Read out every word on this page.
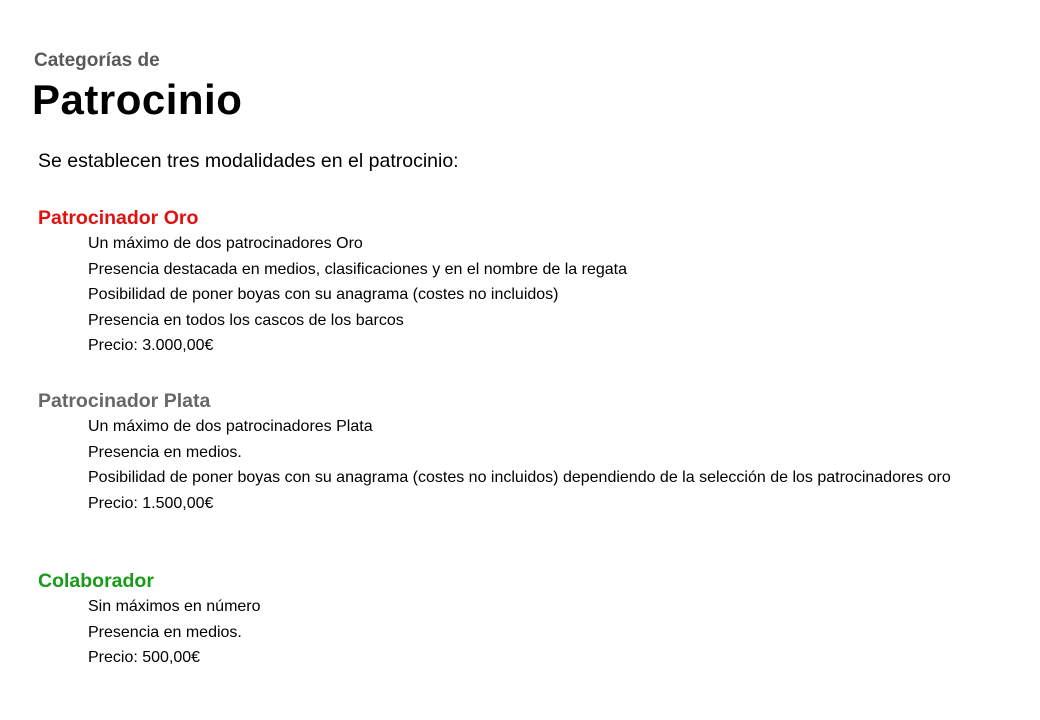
Categorías de
Patrocinio
Se establecen tres modalidades en el patrocinio:
Patrocinador Oro
Un máximo de dos patrocinadores Oro
Presencia destacada en medios, clasificaciones y en el nombre de la regata
Posibilidad de poner boyas con su anagrama (costes no incluidos)
Presencia en todos los cascos de los barcos
Precio: 3.000,00€
Patrocinador Plata
Un máximo de dos patrocinadores Plata
Presencia en medios.
Posibilidad de poner boyas con su anagrama (costes no incluidos) dependiendo de la selección de los patrocinadores oro
Precio: 1.500,00€
Colaborador
Sin máximos en número
Presencia en medios.
Precio: 500,00€
